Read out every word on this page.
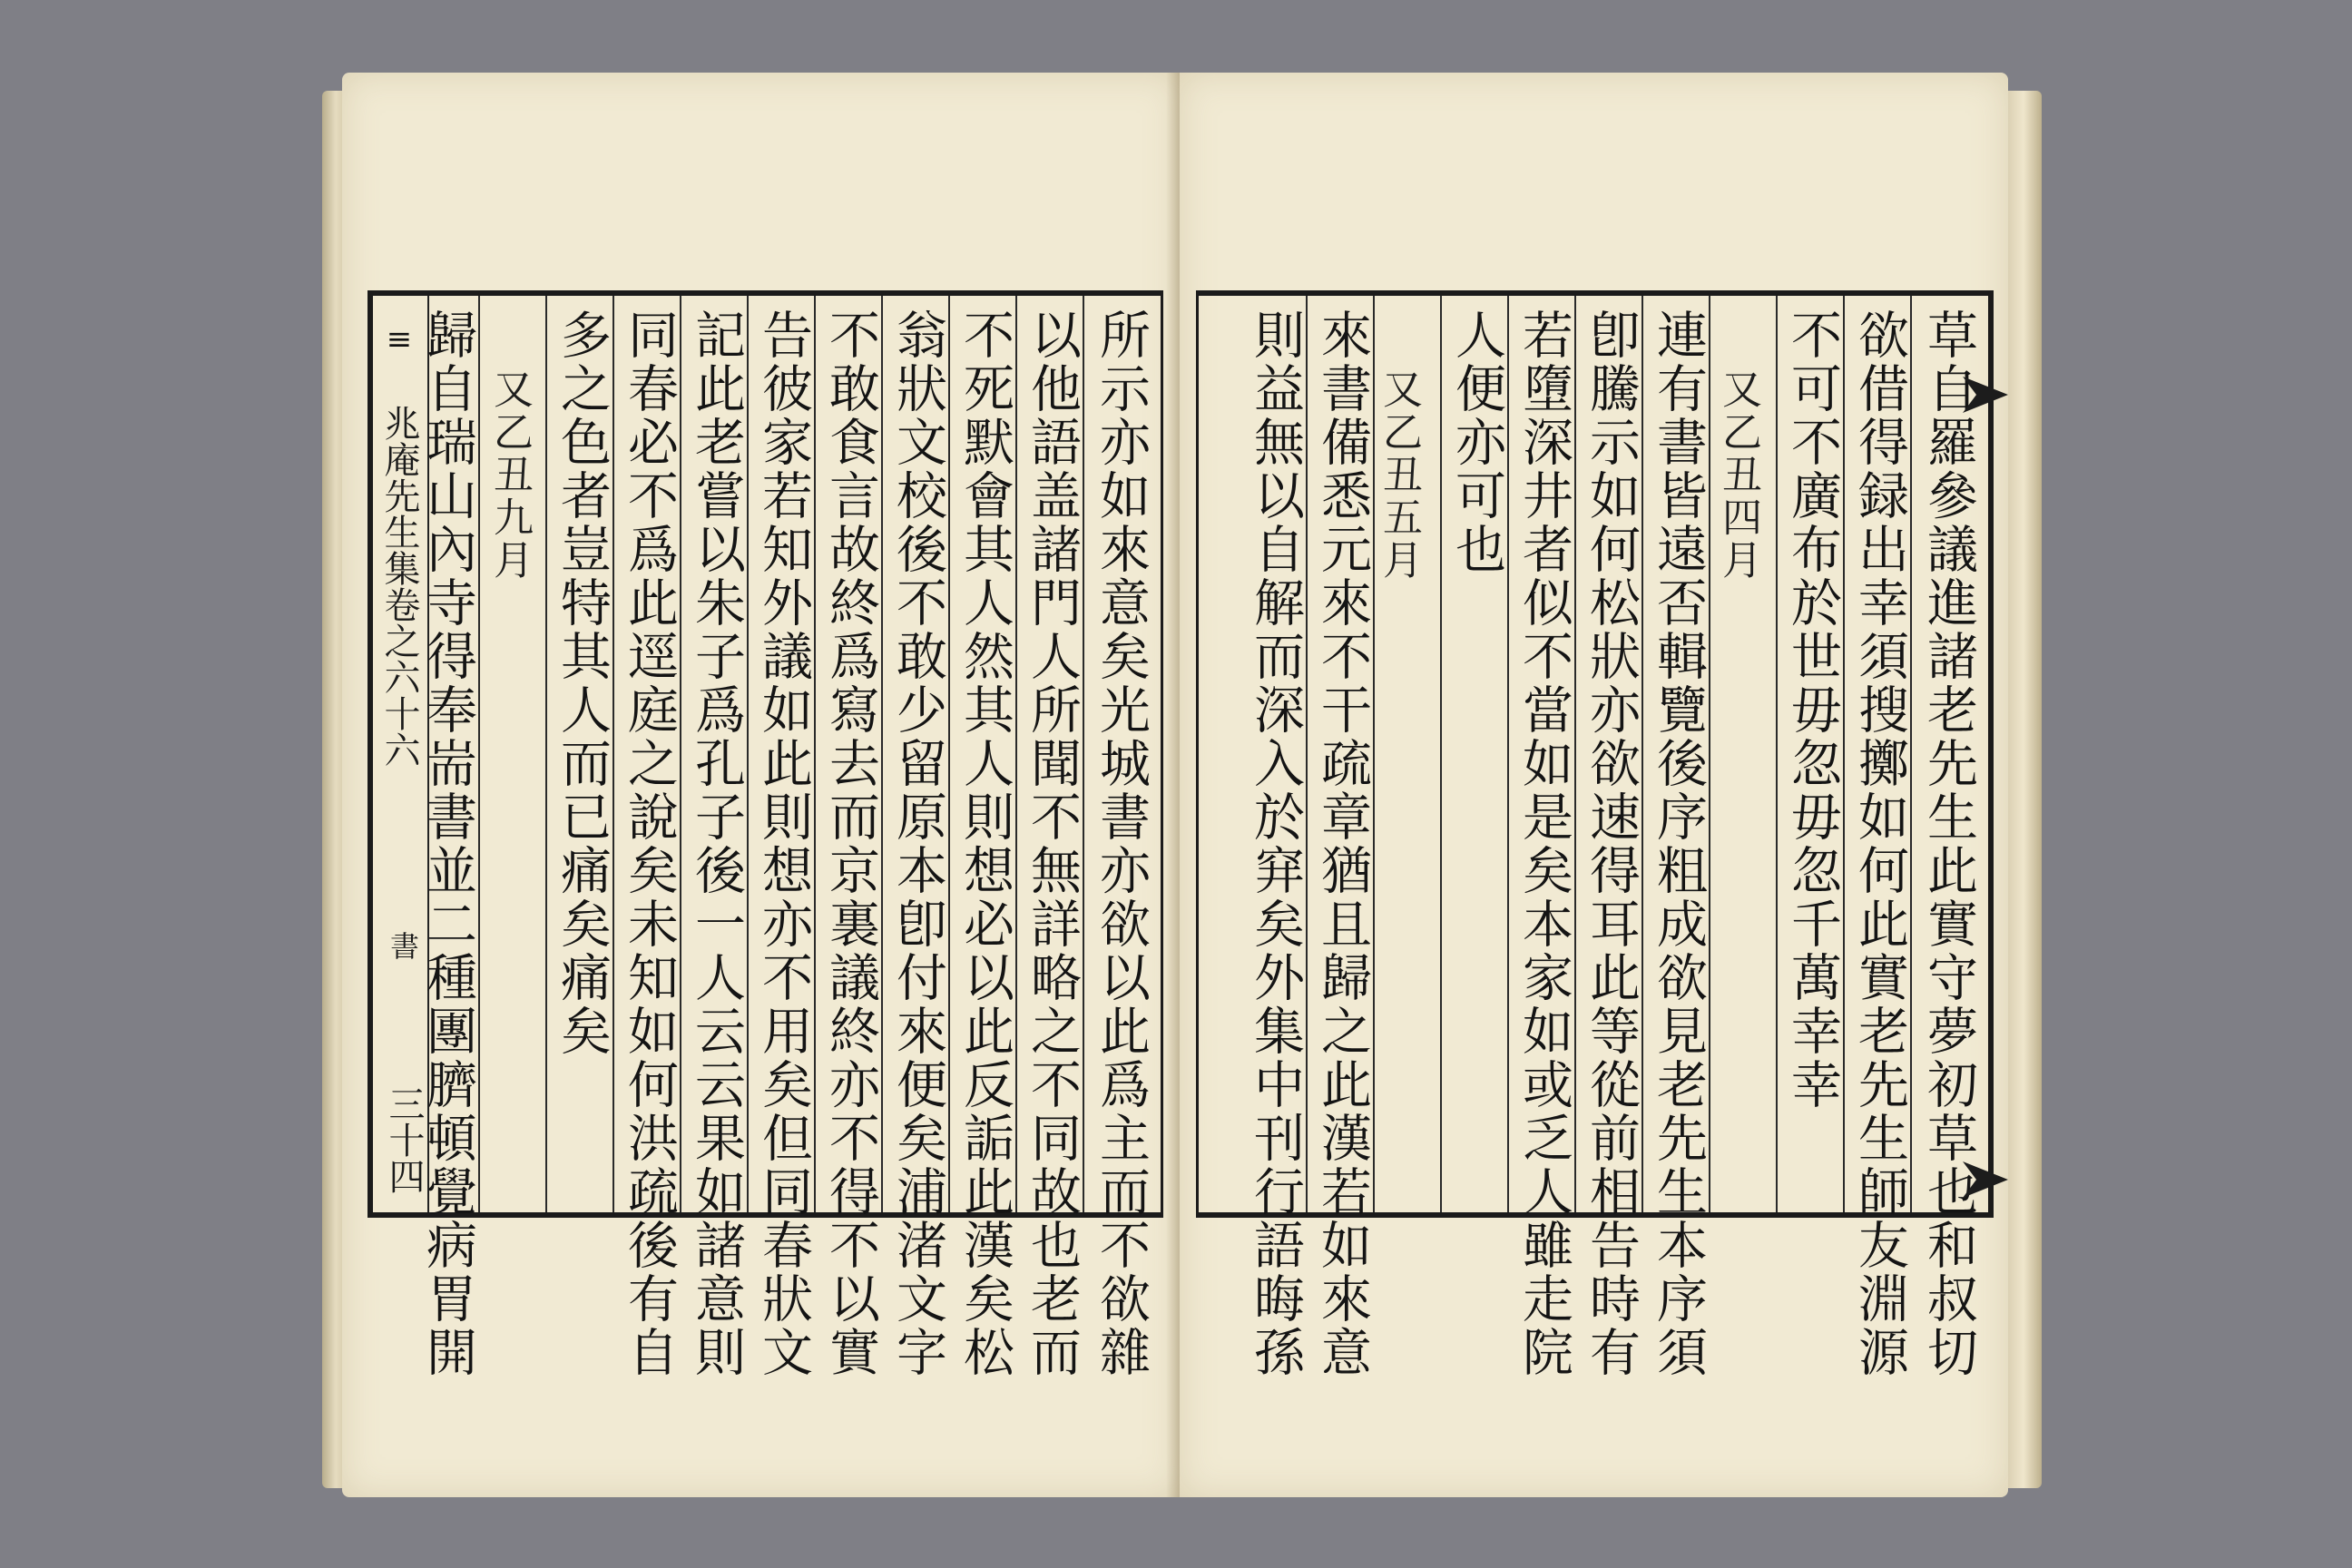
≡
兆庵先生集卷之六十六
書
三十四	所示亦如來意矣光城書亦欲以此爲主而不欲雜
以他語盖諸門人所聞不無詳略之不同故也老而
不死默會其人然其人則想必以此反詬此漢矣松
翁狀文校後不敢少留原本卽付來便矣浦渚文字
不敢食言故終爲寫去而京裏議終亦不得不以實
告彼家若知外議如此則想亦不用矣但同春狀文
記此老嘗以朱子爲孔子後一人云云果如諸意則
同春必不爲此逕庭之說矣未知如何洪疏後有自
多之色者豈特其人而已痛矣痛矣
又乙丑九月
歸自瑞山內寺得奉耑書並二種團臍頓覺病胃開	草自羅參議進諸老先生此實守夢初草也和叔切
欲借得録出幸須搜擲如何此實老先生師友淵源
不可不廣布於世毋忽毋忽千萬幸幸
又乙丑四月
連有書皆遠否輯覽後序粗成欲見老先生本序須
卽騰示如何松狀亦欲速得耳此等從前相告時有
若墮深井者似不當如是矣本家如或乏人雖走院
人便亦可也
又乙丑五月
來書備悉元來不干疏章猶且歸之此漢若如來意
則益無以自解而深入於穽矣外集中刊行語晦孫
